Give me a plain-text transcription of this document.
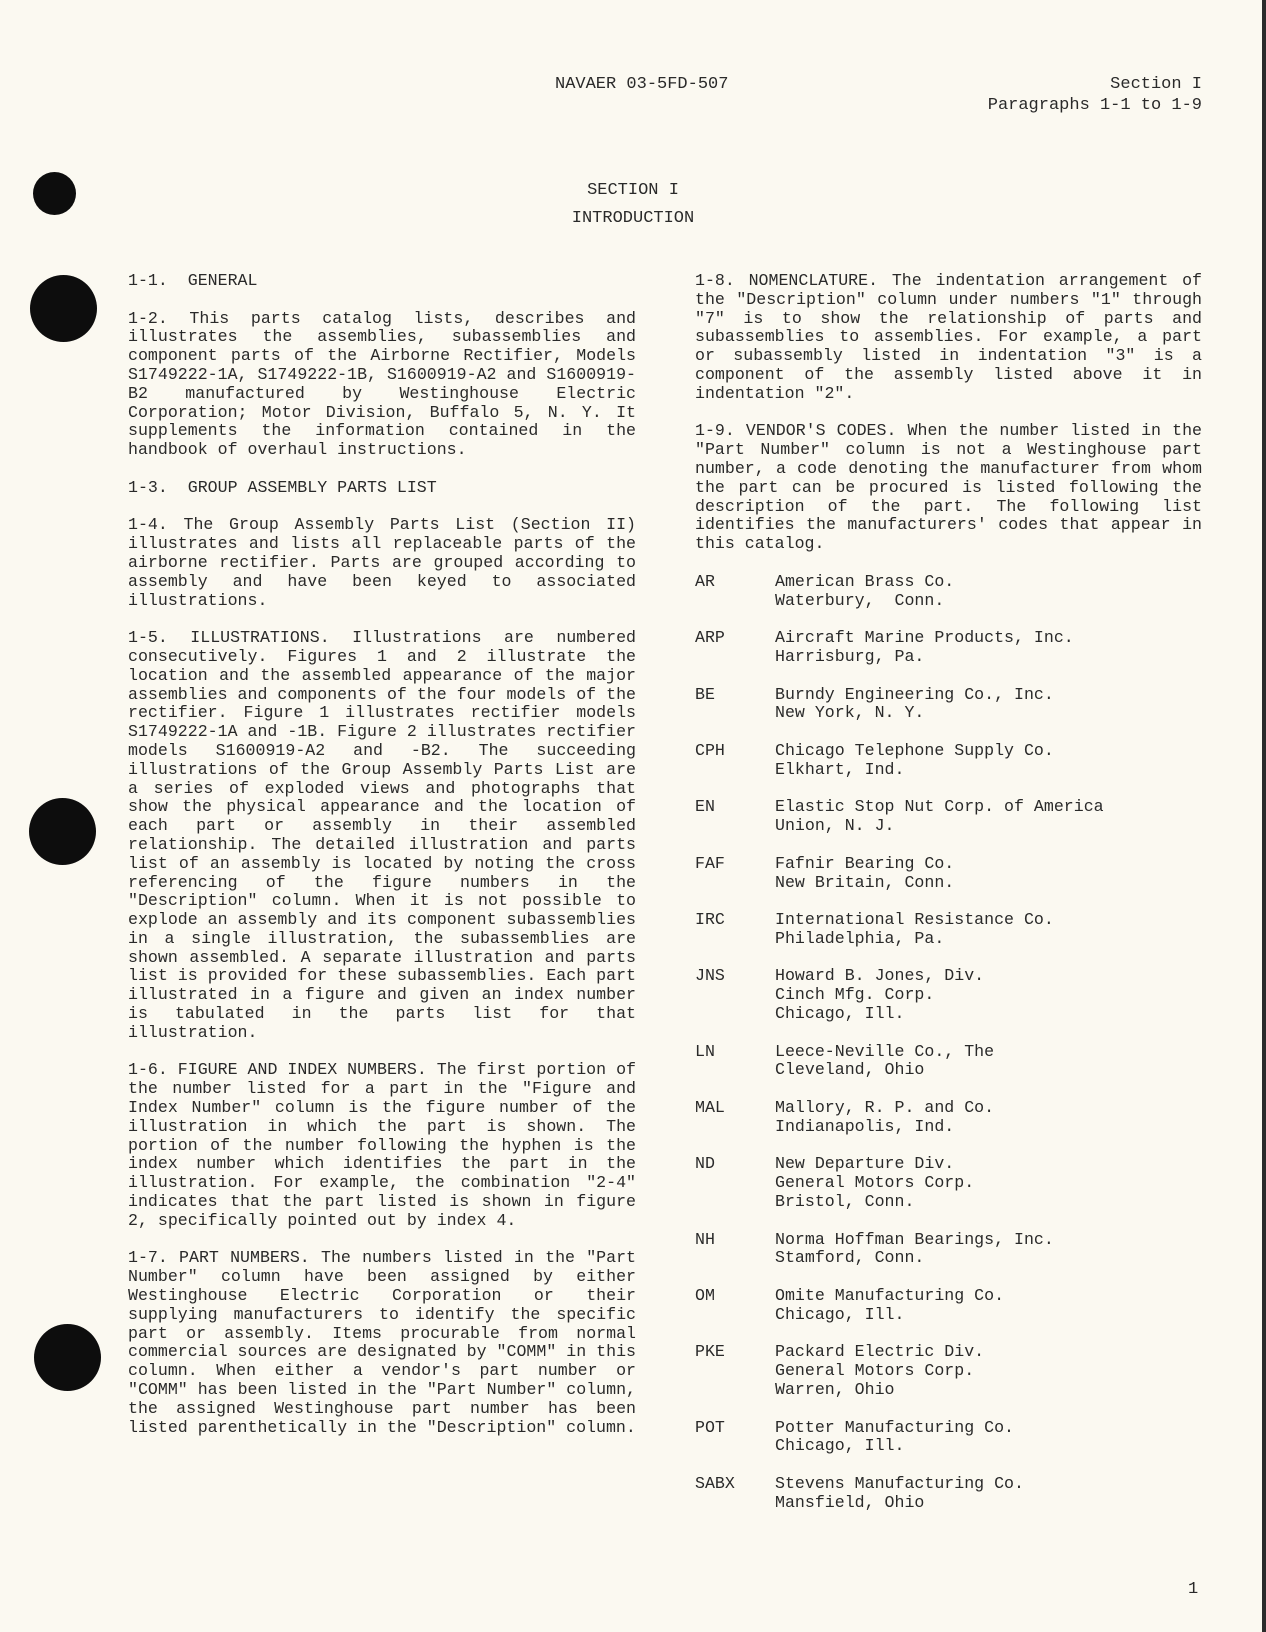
NAVAER 03-5FD-507	Section I
Paragraphs 1-1 to 1-9
SECTION I
INTRODUCTION

1-1.  GENERAL

1-2. This parts catalog lists, describes and illustrates the assemblies, subassemblies and component parts of the Airborne Rectifier, Models S1749222-1A, S1749222-1B, S1600919-A2 and S1600919-B2 manufactured by Westinghouse Electric Corporation; Motor Division, Buffalo 5, N. Y. It supplements the information contained in the handbook of overhaul instructions.

1-3.  GROUP ASSEMBLY PARTS LIST

1-4. The Group Assembly Parts List (Section II) illustrates and lists all replaceable parts of the airborne rectifier. Parts are grouped according to assembly and have been keyed to associated illustrations.

1-5. ILLUSTRATIONS. Illustrations are numbered consecutively. Figures 1 and 2 illustrate the location and the assembled appearance of the major assemblies and components of the four models of the rectifier. Figure 1 illustrates rectifier models S1749222-1A and -1B. Figure 2 illustrates rectifier models S1600919-A2 and -B2. The succeeding illustrations of the Group Assembly Parts List are a series of exploded views and photographs that show the physical appearance and the location of each part or assembly in their assembled relationship. The detailed illustration and parts list of an assembly is located by noting the cross referencing of the figure numbers in the "Description" column. When it is not possible to explode an assembly and its component subassemblies in a single illustration, the subassemblies are shown assembled. A separate illustration and parts list is provided for these subassemblies. Each part illustrated in a figure and given an index number is tabulated in the parts list for that illustration.

1-6. FIGURE AND INDEX NUMBERS. The first portion of the number listed for a part in the "Figure and Index Number" column is the figure number of the illustration in which the part is shown. The portion of the number following the hyphen is the index number which identifies the part in the illustration. For example, the combination "2-4" indicates that the part listed is shown in figure 2, specifically pointed out by index 4.

1-7. PART NUMBERS. The numbers listed in the "Part Number" column have been assigned by either Westinghouse Electric Corporation or their supplying manufacturers to identify the specific part or assembly. Items procurable from normal commercial sources are designated by "COMM" in this column. When either a vendor's part number or "COMM" has been listed in the "Part Number" column, the assigned Westinghouse part number has been listed parenthetically in the "Description" column.

1-8. NOMENCLATURE. The indentation arrangement of the "Description" column under numbers "1" through "7" is to show the relationship of parts and subassemblies to assemblies. For example, a part or subassembly listed in indentation "3" is a component of the assembly listed above it in indentation "2".

1-9. VENDOR'S CODES. When the number listed in the "Part Number" column is not a Westinghouse part number, a code denoting the manufacturer from whom the part can be procured is listed following the description of the part. The following list identifies the manufacturers' codes that appear in this catalog.

AR	American Brass Co.
Waterbury,  Conn.
ARP	Aircraft Marine Products, Inc.
Harrisburg, Pa.
BE	Burndy Engineering Co., Inc.
New York, N. Y.
CPH	Chicago Telephone Supply Co.
Elkhart, Ind.
EN	Elastic Stop Nut Corp. of America
Union, N. J.
FAF	Fafnir Bearing Co.
New Britain, Conn.
IRC	International Resistance Co.
Philadelphia, Pa.
JNS	Howard B. Jones, Div.
Cinch Mfg. Corp.
Chicago, Ill.
LN	Leece-Neville Co., The
Cleveland, Ohio
MAL	Mallory, R. P. and Co.
Indianapolis, Ind.
ND	New Departure Div.
General Motors Corp.
Bristol, Conn.
NH	Norma Hoffman Bearings, Inc.
Stamford, Conn.
OM	Omite Manufacturing Co.
Chicago, Ill.
PKE	Packard Electric Div.
General Motors Corp.
Warren, Ohio
POT	Potter Manufacturing Co.
Chicago, Ill.
SABX	Stevens Manufacturing Co.
Mansfield, Ohio
1
